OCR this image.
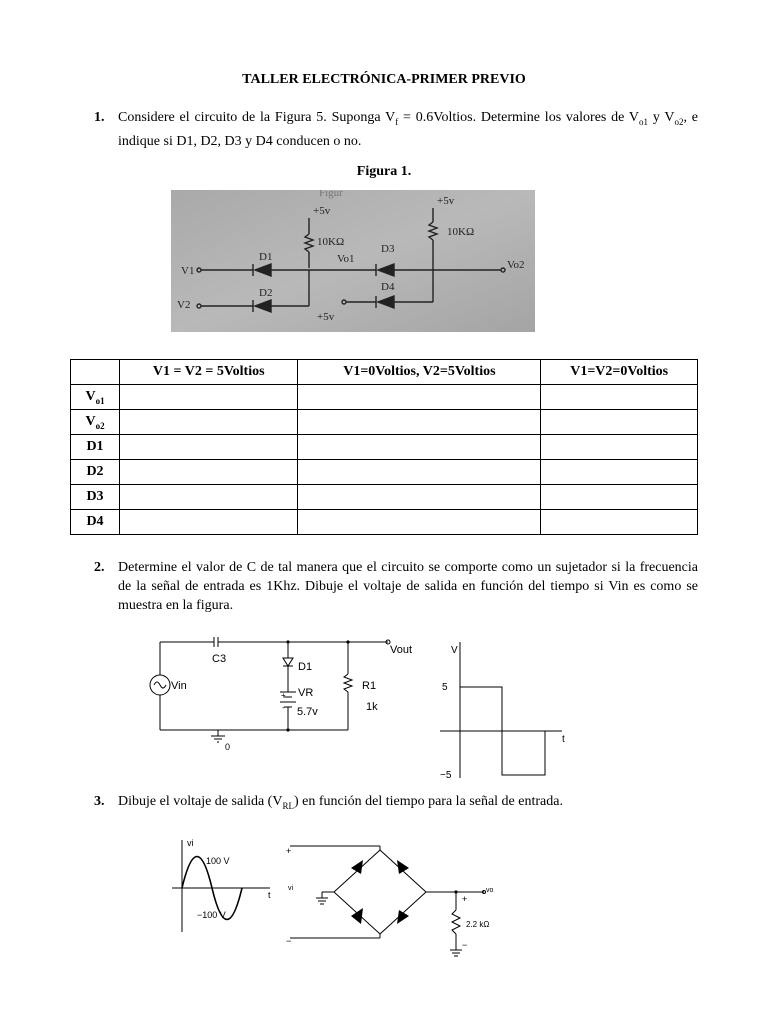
TALLER ELECTRÓNICA-PRIMER PREVIO
1. Considere el circuito de la Figura 5. Suponga $V_f$ = 0.6Voltios. Determine los valores de $V_{o1}$ y $V_{o2}$, e indique si D1, D2, D3 y D4 conducen o no.
Figura 1.
Figur
+5v
+5v
+5v
10KΩ
10KΩ
D1
D2
D3
D4
V1
V2
Vo1	Vo2
	V1 = V2 = 5Voltios	V1=0Voltios, V2=5Voltios	V1=V2=0Voltios
$V_{o1}$			
$V_{o2}$			
D1			
D2			
D3			
D4			
2. Determine el valor de C de tal manera que el circuito se comporte como un sujetador si la frecuencia de la señal de entrada es 1Khz. Dibuje el voltaje de salida en función del tiempo si Vin es como se muestra en la figura.
C3
D1
VR
5.7v
R1
1k
Vin
Vout
0
+
-
V
t
5
−5
3. Dibuje el voltaje de salida $(V_{RL})$ en función del tiempo para la señal de entrada.
vi
t
100 V
−100 V
+
−
vi	vo
+
−
2.2 kΩ
